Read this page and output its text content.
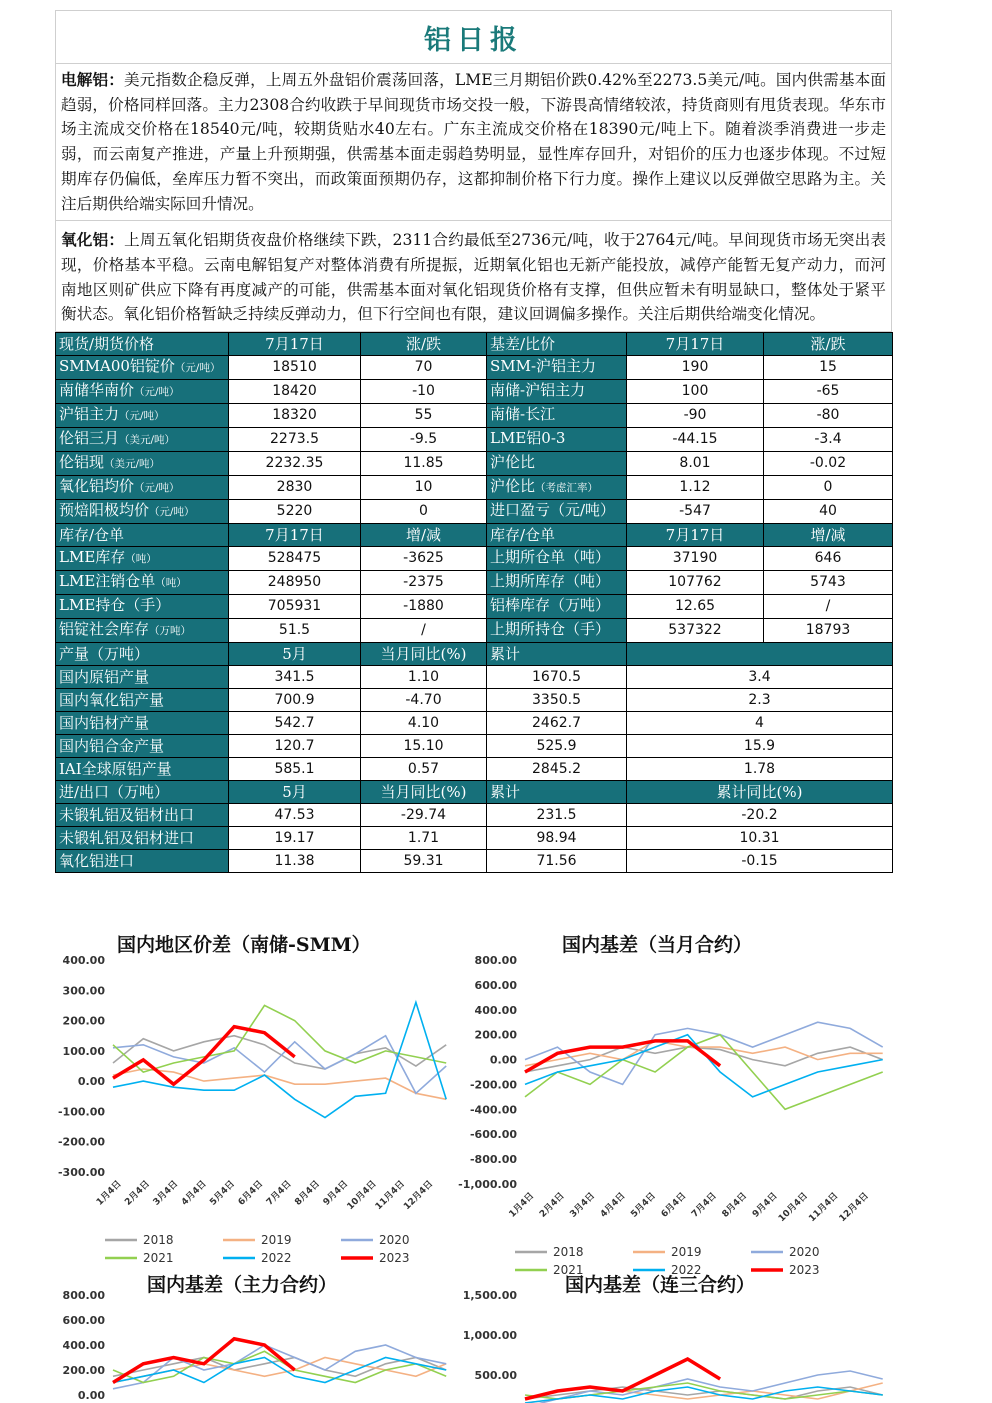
铝日报
电解铝：美元指数企稳反弹，上周五外盘铝价震荡回落，LME三月期铝价跌0.42%至2273.5美元/吨。国内供需基本面趋弱，价格同样回落。主力2308合约收跌于早间现货市场交投一般，下游畏高情绪较浓，持货商则有甩货表现。华东市场主流成交价格在18540元/吨，较期货贴水40左右。广东主流成交价格在18390元/吨上下。随着淡季消费进一步走弱，而云南复产推进，产量上升预期强，供需基本面走弱趋势明显，显性库存回升，对铝价的压力也逐步体现。不过短期库存仍偏低，垒库压力暂不突出，而政策面预期仍存，这都抑制价格下行力度。操作上建议以反弹做空思路为主。关注后期供给端实际回升情况。
氧化铝：上周五氧化铝期货夜盘价格继续下跌，2311合约最低至2736元/吨，收于2764元/吨。早间现货市场无突出表现，价格基本平稳。云南电解铝复产对整体消费有所提振，近期氧化铝也无新产能投放，减停产能暂无复产动力，而河南地区则矿供应下降有再度减产的可能，供需基本面对氧化铝现货价格有支撑，但供应暂未有明显缺口，整体处于紧平衡状态。氧化铝价格暂缺乏持续反弹动力，但下行空间也有限，建议回调偏多操作。关注后期供给端变化情况。
现货/期货价格	7月17日	涨/跌	基差/比价	7月17日	涨/跌
SMMA00铝锭价（元/吨）	18510	70	SMM-沪铝主力	190	15
南储华南价（元/吨）	18420	-10	南储-沪铝主力	100	-65
沪铝主力（元/吨）	18320	55	南储-长江	-90	-80
伦铝三月（美元/吨）	2273.5	-9.5	LME铝0-3	-44.15	-3.4
伦铝现（美元/吨）	2232.35	11.85	沪伦比	8.01	-0.02
氧化铝均价（元/吨）	2830	10	沪伦比（考虑汇率）	1.12	0
预焙阳极均价（元/吨）	5220	0	进口盈亏（元/吨）	-547	40
库存/仓单	7月17日	增/减	库存/仓单	7月17日	增/减
LME库存（吨）	528475	-3625	上期所仓单（吨）	37190	646
LME注销仓单（吨）	248950	-2375	上期所库存（吨）	107762	5743
LME持仓（手）	705931	-1880	铝棒库存（万吨）	12.65	/
铝锭社会库存（万吨）	51.5	/	上期所持仓（手）	537322	18793
产量（万吨）	5月	当月同比(%)	累计		
国内原铝产量	341.5	1.10	1670.5	3.4	
国内氧化铝产量	700.9	-4.70	3350.5	2.3	
国内铝材产量	542.7	4.10	2462.7	4	
国内铝合金产量	120.7	15.10	525.9	15.9	
IAI全球原铝产量	585.1	0.57	2845.2	1.78	
进/出口（万吨）	5月	当月同比(%)	累计	累计同比(%)	
未锻轧铝及铝材出口	47.53	-29.74	231.5	-20.2	
未锻轧铝及铝材进口	19.17	1.71	98.94	10.31	
氧化铝进口	11.38	59.31	71.56	-0.15	
国内地区价差（南储-SMM）
400.00
300.00
200.00
100.00
0.00
-100.00
-200.00
-300.00
1月4日 2月4日 3月4日 4月4日 5月4日 6月4日 7月4日 8月4日 9月4日
10月4日
11月4日
12月4日
2018	2019	2020
2021	2022	2023
国内基差（当月合约）
800.00
600.00
400.00
200.00
0.00
-200.00
-400.00
-600.00
-800.00
-1,000.00
1月4日 2月4日 3月4日 4月4日 5月4日 6月4日 7月4日 8月4日 9月4日
10月4日
11月4日
12月4日
2018	2019	2020
2021	2022	2023
国内基差（主力合约）
800.00
600.00
400.00
200.00
0.00
国内基差（连三合约）
1,500.00
1,000.00
500.00
